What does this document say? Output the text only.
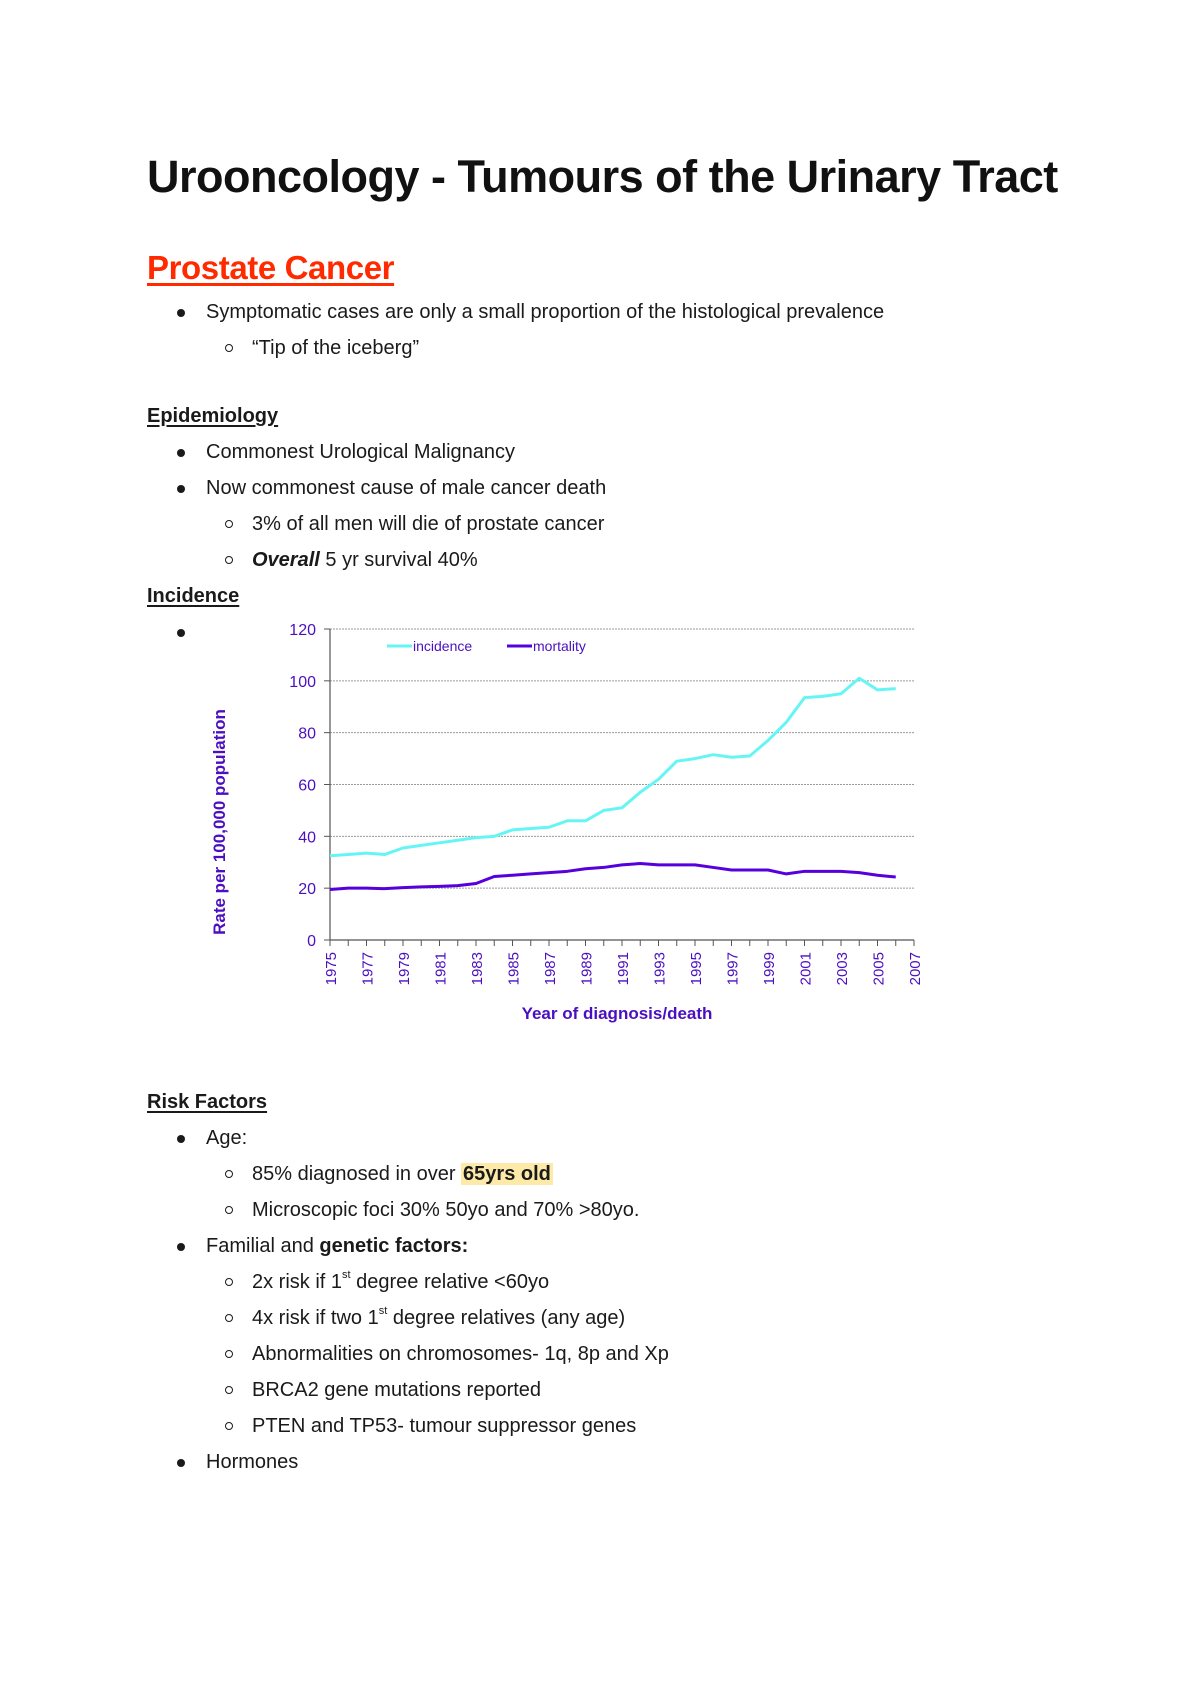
Urooncology - Tumours of the Urinary Tract
Prostate Cancer
Symptomatic cases are only a small proportion of the histological prevalence
“Tip of the iceberg”
Epidemiology
Commonest Urological Malignancy
Now commonest cause of male cancer death
3% of all men will die of prostate cancer
Overall 5 yr survival 40%
Incidence
0
20
40
60
80
100
120
1975 1977 1979 1981 1983 1985 1987 1989 1991 1993 1995 1997 1999 2001 2003 2005 2007
incidence	mortality
Rate per 100,000 population
Year of diagnosis/death
Risk Factors
Age:
85% diagnosed in over 65yrs old
Microscopic foci 30% 50yo and 70% >80yo.
Familial and genetic factors:
2x risk if 1st degree relative <60yo
4x risk if two 1st degree relatives (any age)
Abnormalities on chromosomes- 1q, 8p and Xp
BRCA2 gene mutations reported
PTEN and TP53- tumour suppressor genes
Hormones
